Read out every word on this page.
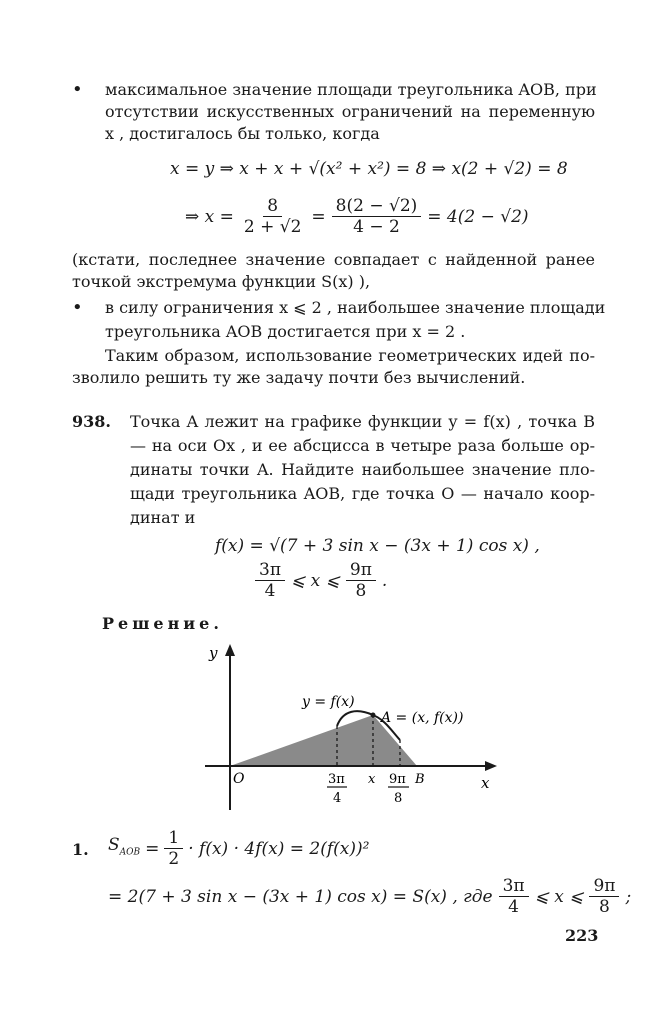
• максимальное значение площади треугольника AOB, при
отсутствии искусственных ограничений на переменную
x , достигалось бы только, когда
x = y ⇒ x + x + √(x² + x²) = 8 ⇒ x(2 + √2) = 8
⇒ $x = \frac{8}{2 + √2} = \frac{8(2 - √2)}{4 - 2} = 4(2 - √2)$
(кстати, последнее значение совпадает с найденной ранее
точкой экстремума функции S(x) ),
• в силу ограничения x ⩽ 2 , наибольшее значение площади
треугольника AOB достигается при x = 2 .
Таким образом, использование геометрических идей по-
зволило решить ту же задачу почти без вычислений.
938. Точка A лежит на графике функции y = f(x) , точка B
— на оси Ox , и ее абсцисса в четыре раза больше ор-
динаты точки A. Найдите наибольшее значение пло-
щади треугольника AOB, где точка O — начало коор-
динат и
f(x) = √(7 + 3 sin x − (3x + 1) cos x) ,
$\frac{3\pi}{4}$ ⩽ x ⩽ $\frac{9\pi}{8}$ .
Решение.
y
x
O
y = f(x)
A = (x, f(x))
x	B
3π
4
9π
8
1. $S_{AOB} = \frac{1}{2} \cdot f(x) \cdot 4f(x) = 2(f(x))^2$
= 2(7 + 3 sin x − (3x + 1) cos x) = S(x) , где $\frac{3\pi}{4}$ ⩽ x ⩽ $\frac{9\pi}{8}$ ;
223
